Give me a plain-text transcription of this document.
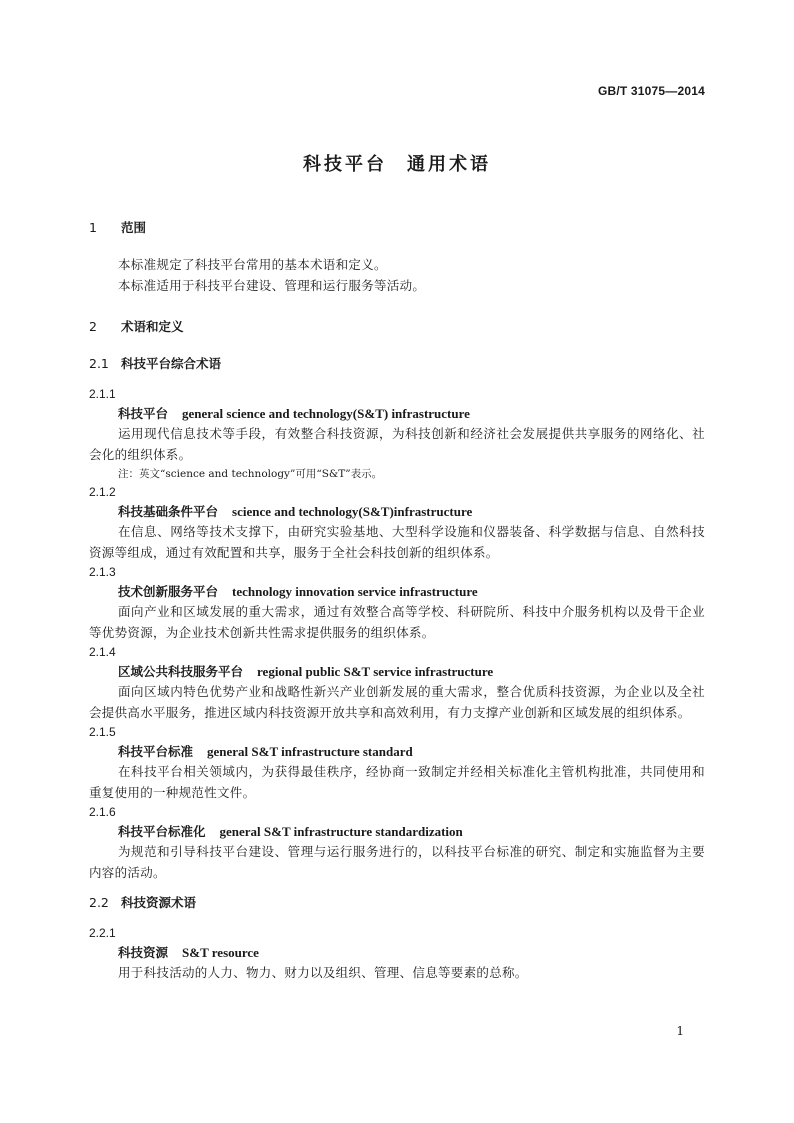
GB/T 31075—2014
科技平台 通用术语
1 范围

本标准规定了科技平台常用的基本术语和定义。

本标准适用于科技平台建设、管理和运行服务等活动。

2 术语和定义
2.1 科技平台综合术语
2.1.1
科技平台 general science and technology(S&T) infrastructure

运用现代信息技术等手段，有效整合科技资源，为科技创新和经济社会发展提供共享服务的网络化、社会化的组织体系。

注：英文“science and technology”可用“S&T”表示。
2.1.2
科技基础条件平台 science and technology(S&T)infrastructure

在信息、网络等技术支撑下，由研究实验基地、大型科学设施和仪器装备、科学数据与信息、自然科技资源等组成，通过有效配置和共享，服务于全社会科技创新的组织体系。

2.1.3
技术创新服务平台 technology innovation service infrastructure

面向产业和区域发展的重大需求，通过有效整合高等学校、科研院所、科技中介服务机构以及骨干企业等优势资源，为企业技术创新共性需求提供服务的组织体系。

2.1.4
区域公共科技服务平台 regional public S&T service infrastructure

面向区域内特色优势产业和战略性新兴产业创新发展的重大需求，整合优质科技资源，为企业以及全社会提供高水平服务，推进区域内科技资源开放共享和高效利用，有力支撑产业创新和区域发展的组织体系。

2.1.5
科技平台标准 general S&T infrastructure standard

在科技平台相关领域内，为获得最佳秩序，经协商一致制定并经相关标准化主管机构批准，共同使用和重复使用的一种规范性文件。

2.1.6
科技平台标准化 general S&T infrastructure standardization

为规范和引导科技平台建设、管理与运行服务进行的，以科技平台标准的研究、制定和实施监督为主要内容的活动。

2.2 科技资源术语
2.2.1
科技资源 S&T resource

用于科技活动的人力、物力、财力以及组织、管理、信息等要素的总称。

1
